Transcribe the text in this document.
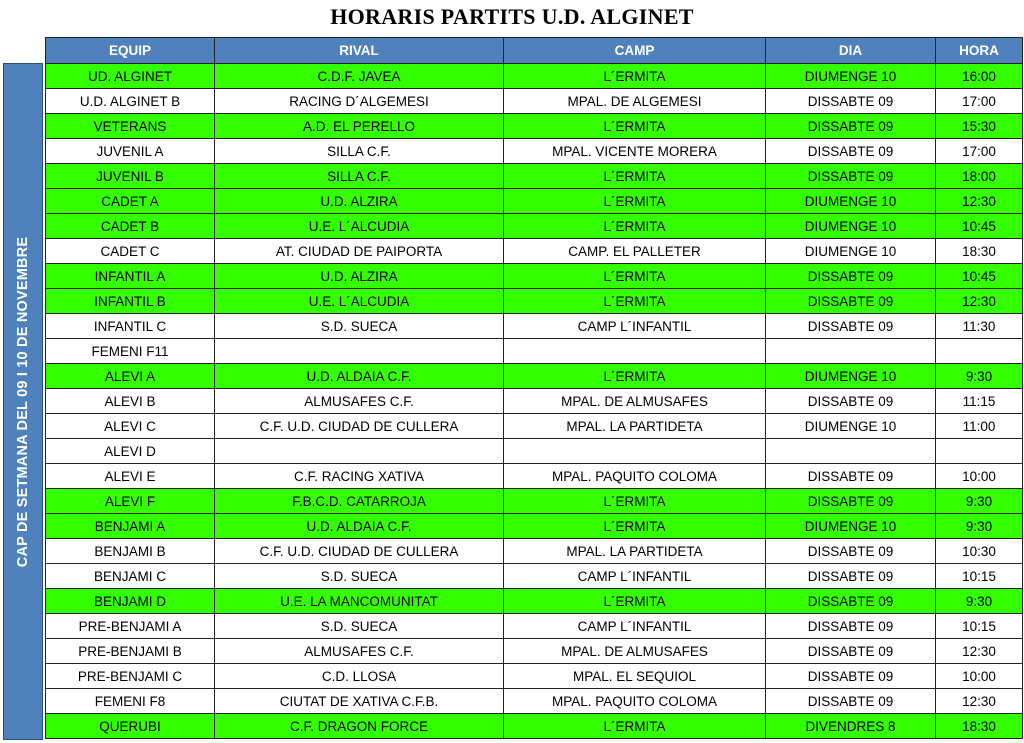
HORARIS PARTITS U.D. ALGINET
CAP DE SETMANA DEL 09 I 10 DE NOVEMBRE
EQUIP	RIVAL	CAMP	DIA	HORA
UD. ALGINET	C.D.F. JAVEA	L´ERMITA	DIUMENGE 10	16:00
U.D. ALGINET B	RACING D´ALGEMESI	MPAL. DE ALGEMESI	DISSABTE 09	17:00
VETERANS	A.D. EL PERELLO	L´ERMITA	DISSABTE 09	15:30
JUVENIL A	SILLA C.F.	MPAL. VICENTE MORERA	DISSABTE 09	17:00
JUVENIL B	SILLA C.F.	L´ERMITA	DISSABTE 09	18:00
CADET A	U.D. ALZIRA	L´ERMITA	DIUMENGE 10	12:30
CADET B	U.E. L´ALCUDIA	L´ERMITA	DIUMENGE 10	10:45
CADET C	AT. CIUDAD DE PAIPORTA	CAMP. EL PALLETER	DIUMENGE 10	18:30
INFANTIL A	U.D. ALZIRA	L´ERMITA	DISSABTE 09	10:45
INFANTIL B	U.E. L´ALCUDIA	L´ERMITA	DISSABTE 09	12:30
INFANTIL C	S.D. SUECA	CAMP L´INFANTIL	DISSABTE 09	11:30
FEMENI F11				
ALEVI A	U.D. ALDAIA C.F.	L´ERMITA	DIUMENGE 10	9:30
ALEVI B	ALMUSAFES C.F.	MPAL. DE ALMUSAFES	DISSABTE 09	11:15
ALEVI C	C.F. U.D. CIUDAD DE CULLERA	MPAL. LA PARTIDETA	DIUMENGE 10	11:00
ALEVI D				
ALEVI E	C.F. RACING XATIVA	MPAL. PAQUITO COLOMA	DISSABTE 09	10:00
ALEVI F	F.B.C.D. CATARROJA	L´ERMITA	DISSABTE 09	9:30
BENJAMI A	U.D. ALDAIA C.F.	L´ERMITA	DIUMENGE 10	9:30
BENJAMI B	C.F. U.D. CIUDAD DE CULLERA	MPAL. LA PARTIDETA	DISSABTE 09	10:30
BENJAMI C	S.D. SUECA	CAMP L´INFANTIL	DISSABTE 09	10:15
BENJAMI D	U.E. LA MANCOMUNITAT	L´ERMITA	DISSABTE 09	9:30
PRE-BENJAMI A	S.D. SUECA	CAMP L´INFANTIL	DISSABTE 09	10:15
PRE-BENJAMI B	ALMUSAFES C.F.	MPAL. DE ALMUSAFES	DISSABTE 09	12:30
PRE-BENJAMI C	C.D. LLOSA	MPAL. EL SEQUIOL	DISSABTE 09	10:00
FEMENI F8	CIUTAT DE XATIVA C.F.B.	MPAL. PAQUITO COLOMA	DISSABTE 09	12:30
QUERUBI	C.F. DRAGON FORCE	L´ERMITA	DIVENDRES 8	18:30
